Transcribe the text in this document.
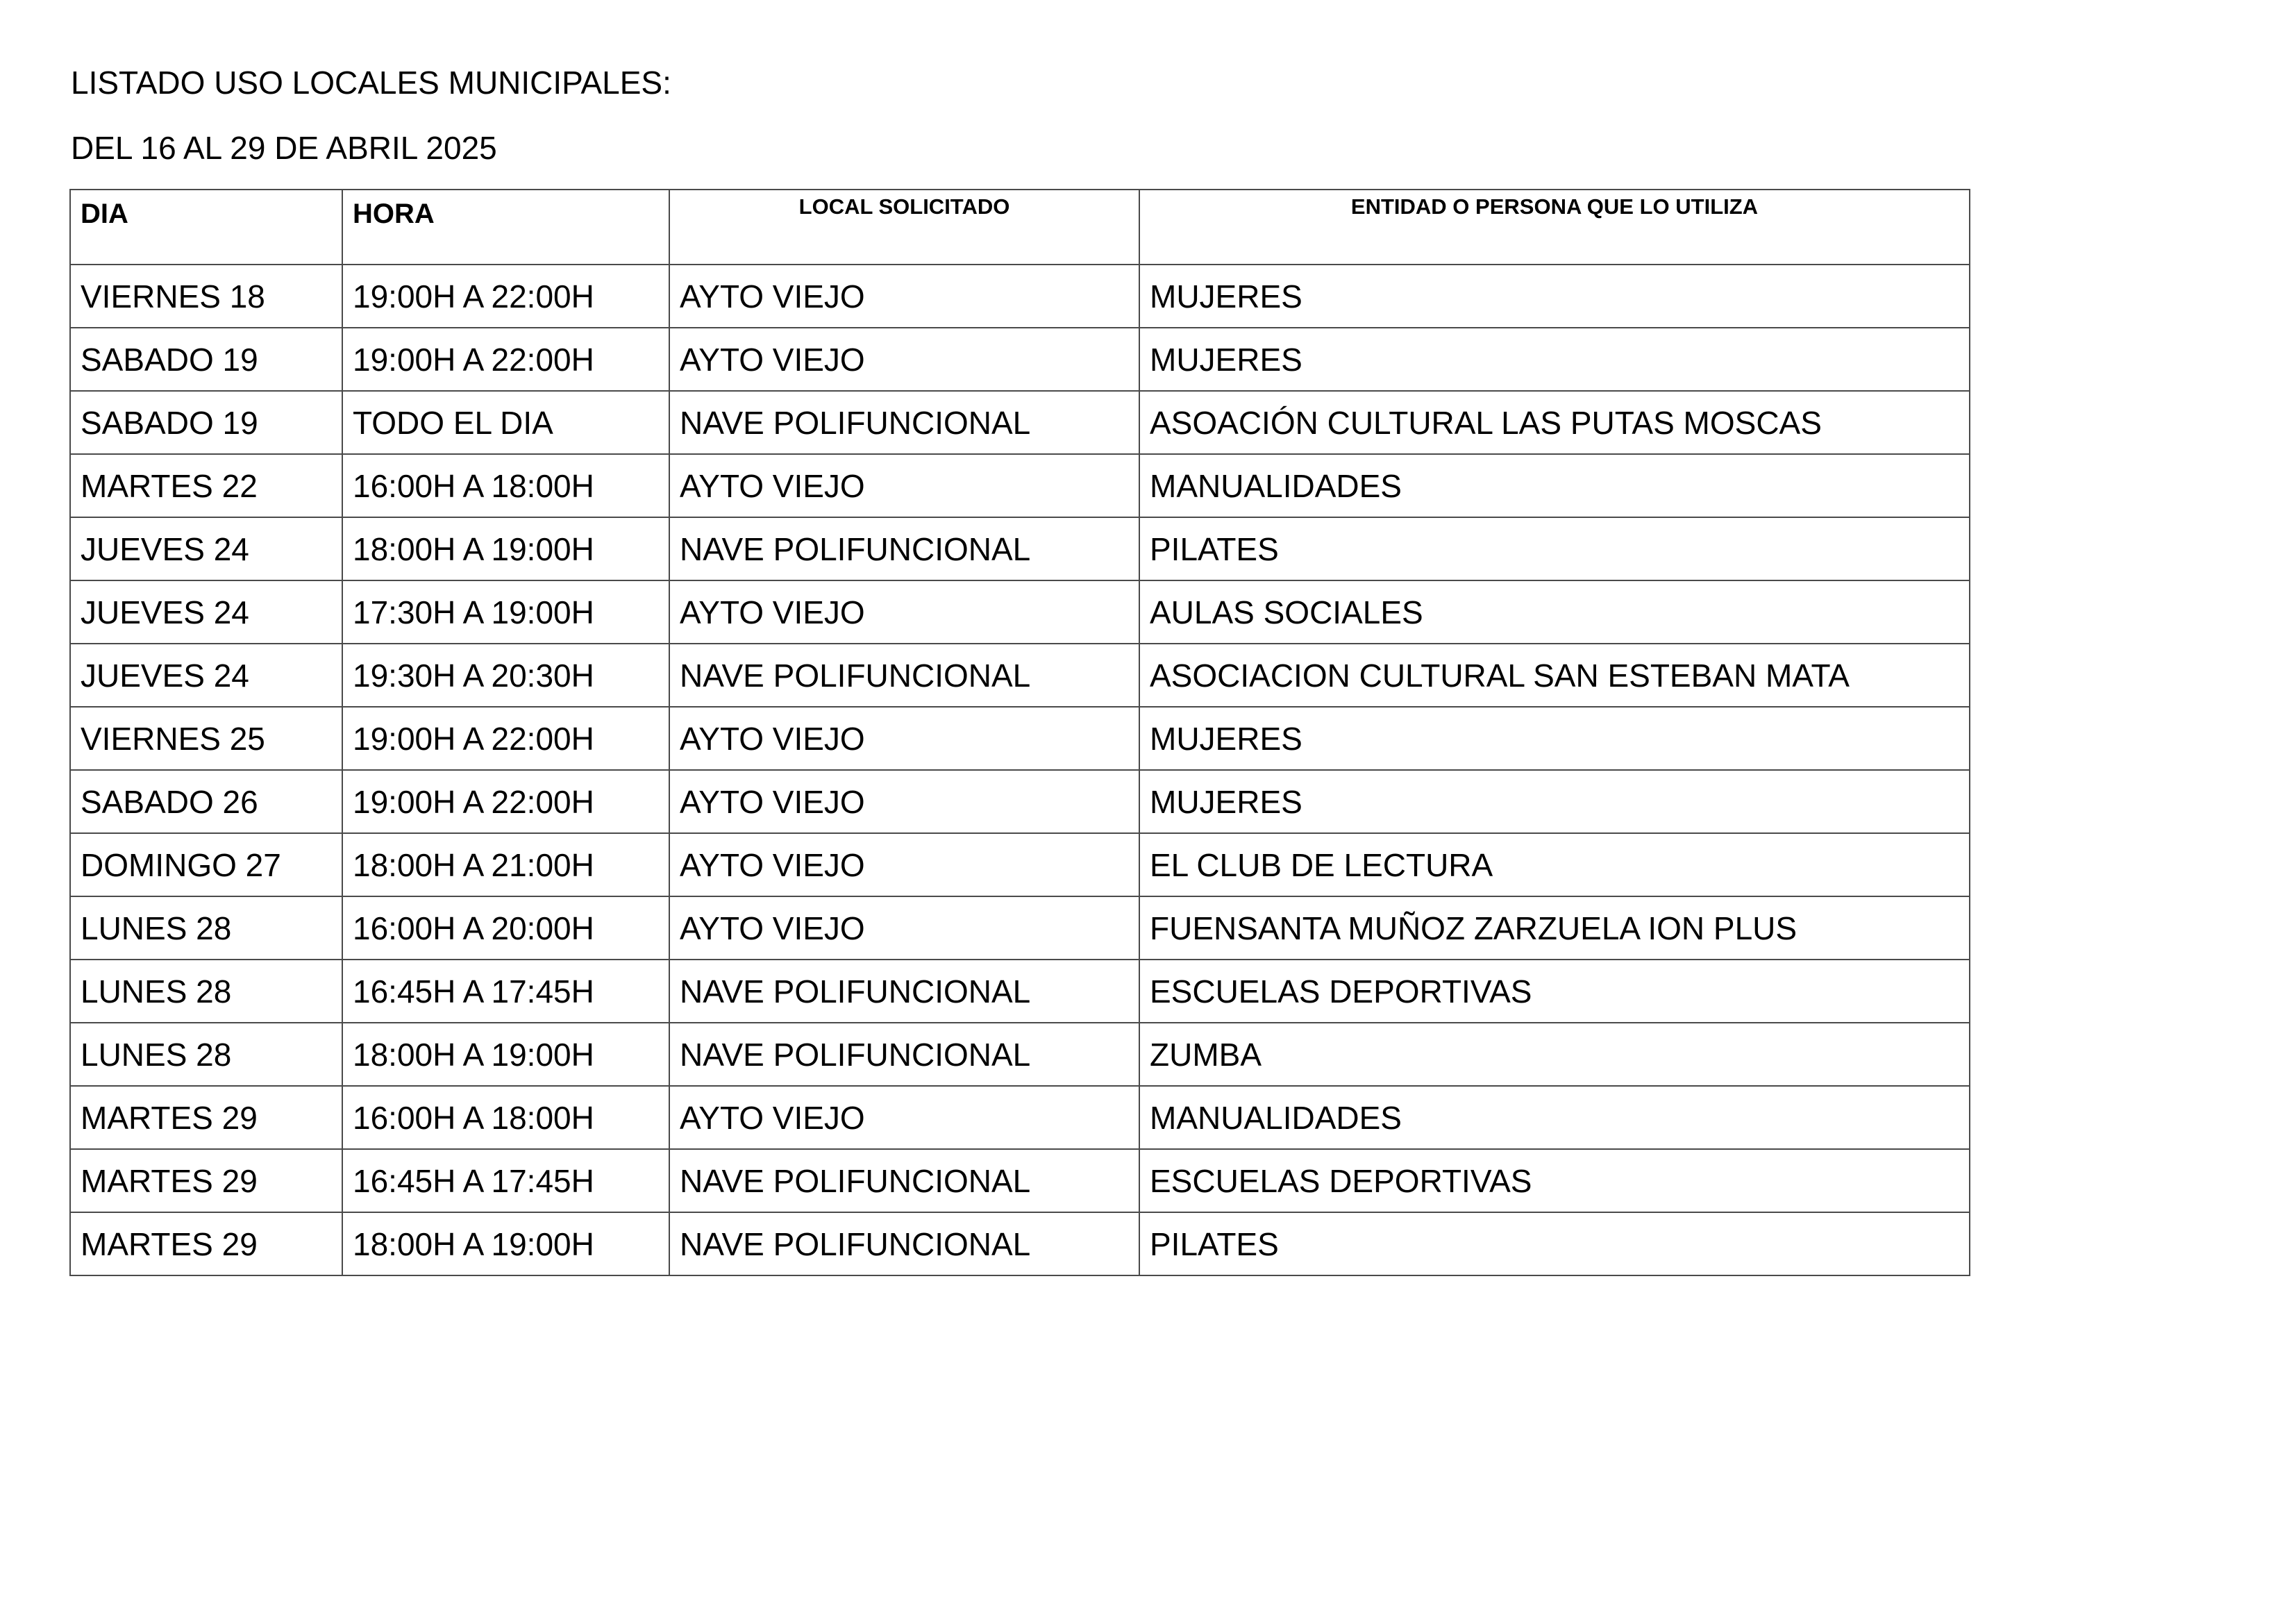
LISTADO USO LOCALES MUNICIPALES:
DEL 16 AL 29 DE ABRIL 2025
DIA	HORA	LOCAL SOLICITADO	ENTIDAD O PERSONA QUE LO UTILIZA
VIERNES 18	19:00H A 22:00H	AYTO VIEJO	MUJERES
SABADO 19	19:00H A 22:00H	AYTO VIEJO	MUJERES
SABADO 19	TODO EL DIA	NAVE POLIFUNCIONAL	ASOACIÓN CULTURAL LAS PUTAS MOSCAS
MARTES 22	16:00H A 18:00H	AYTO VIEJO	MANUALIDADES
JUEVES 24	18:00H A 19:00H	NAVE POLIFUNCIONAL	PILATES
JUEVES 24	17:30H A 19:00H	AYTO VIEJO	AULAS SOCIALES
JUEVES 24	19:30H A 20:30H	NAVE POLIFUNCIONAL	ASOCIACION CULTURAL SAN ESTEBAN MATA
VIERNES 25	19:00H A 22:00H	AYTO VIEJO	MUJERES
SABADO 26	19:00H A 22:00H	AYTO VIEJO	MUJERES
DOMINGO 27	18:00H A 21:00H	AYTO VIEJO	EL CLUB DE LECTURA
LUNES 28	16:00H A 20:00H	AYTO VIEJO	FUENSANTA MUÑOZ ZARZUELA ION PLUS
LUNES 28	16:45H A 17:45H	NAVE POLIFUNCIONAL	ESCUELAS DEPORTIVAS
LUNES 28	18:00H A 19:00H	NAVE POLIFUNCIONAL	ZUMBA
MARTES 29	16:00H A 18:00H	AYTO VIEJO	MANUALIDADES
MARTES 29	16:45H A 17:45H	NAVE POLIFUNCIONAL	ESCUELAS DEPORTIVAS
MARTES 29	18:00H A 19:00H	NAVE POLIFUNCIONAL	PILATES
